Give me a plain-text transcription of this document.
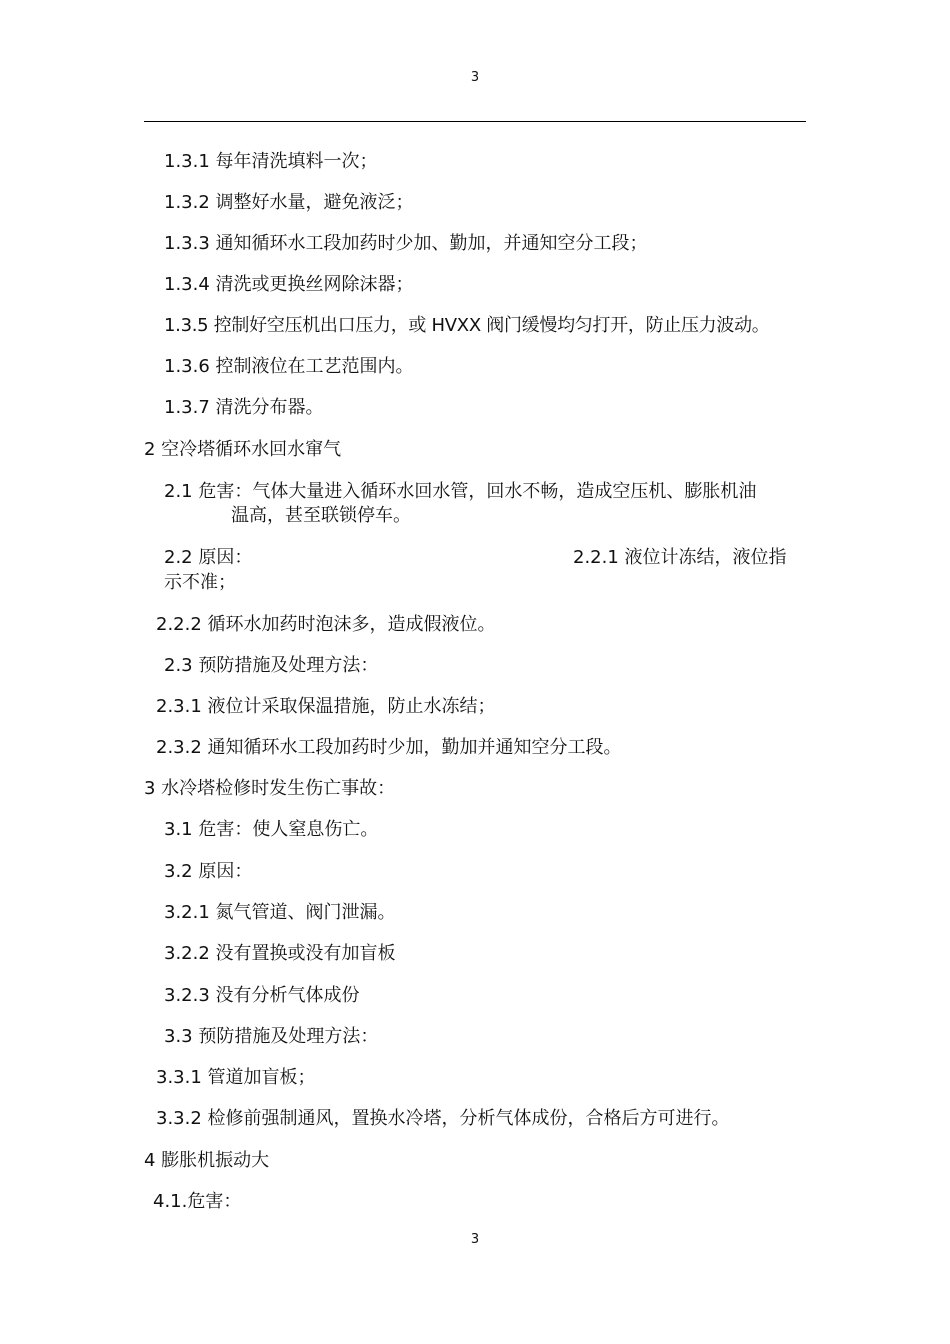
3
1.3.1 每年清洗填料一次；
1.3.2 调整好水量，避免液泛；
1.3.3 通知循环水工段加药时少加、勤加，并通知空分工段；
1.3.4 清洗或更换丝网除沫器；
1.3.5 控制好空压机出口压力，或 HVXX 阀门缓慢均匀打开，防止压力波动。
1.3.6 控制液位在工艺范围内。
1.3.7 清洗分布器。
2 空冷塔循环水回水窜气
2.1 危害：气体大量进入循环水回水管，回水不畅，造成空压机、膨胀机油
温高，甚至联锁停车。
2.2 原因：	2.2.1 液位计冻结，液位指
示不准；
2.2.2 循环水加药时泡沫多，造成假液位。
2.3 预防措施及处理方法：
2.3.1 液位计采取保温措施，防止水冻结；
2.3.2 通知循环水工段加药时少加，勤加并通知空分工段。
3 水冷塔检修时发生伤亡事故：
3.1 危害：使人窒息伤亡。
3.2 原因：
3.2.1 氮气管道、阀门泄漏。
3.2.2 没有置换或没有加盲板
3.2.3 没有分析气体成份
3.3 预防措施及处理方法：
3.3.1 管道加盲板；
3.3.2 检修前强制通风，置换水冷塔，分析气体成份，合格后方可进行。
4 膨胀机振动大
4.1.危害：
3
